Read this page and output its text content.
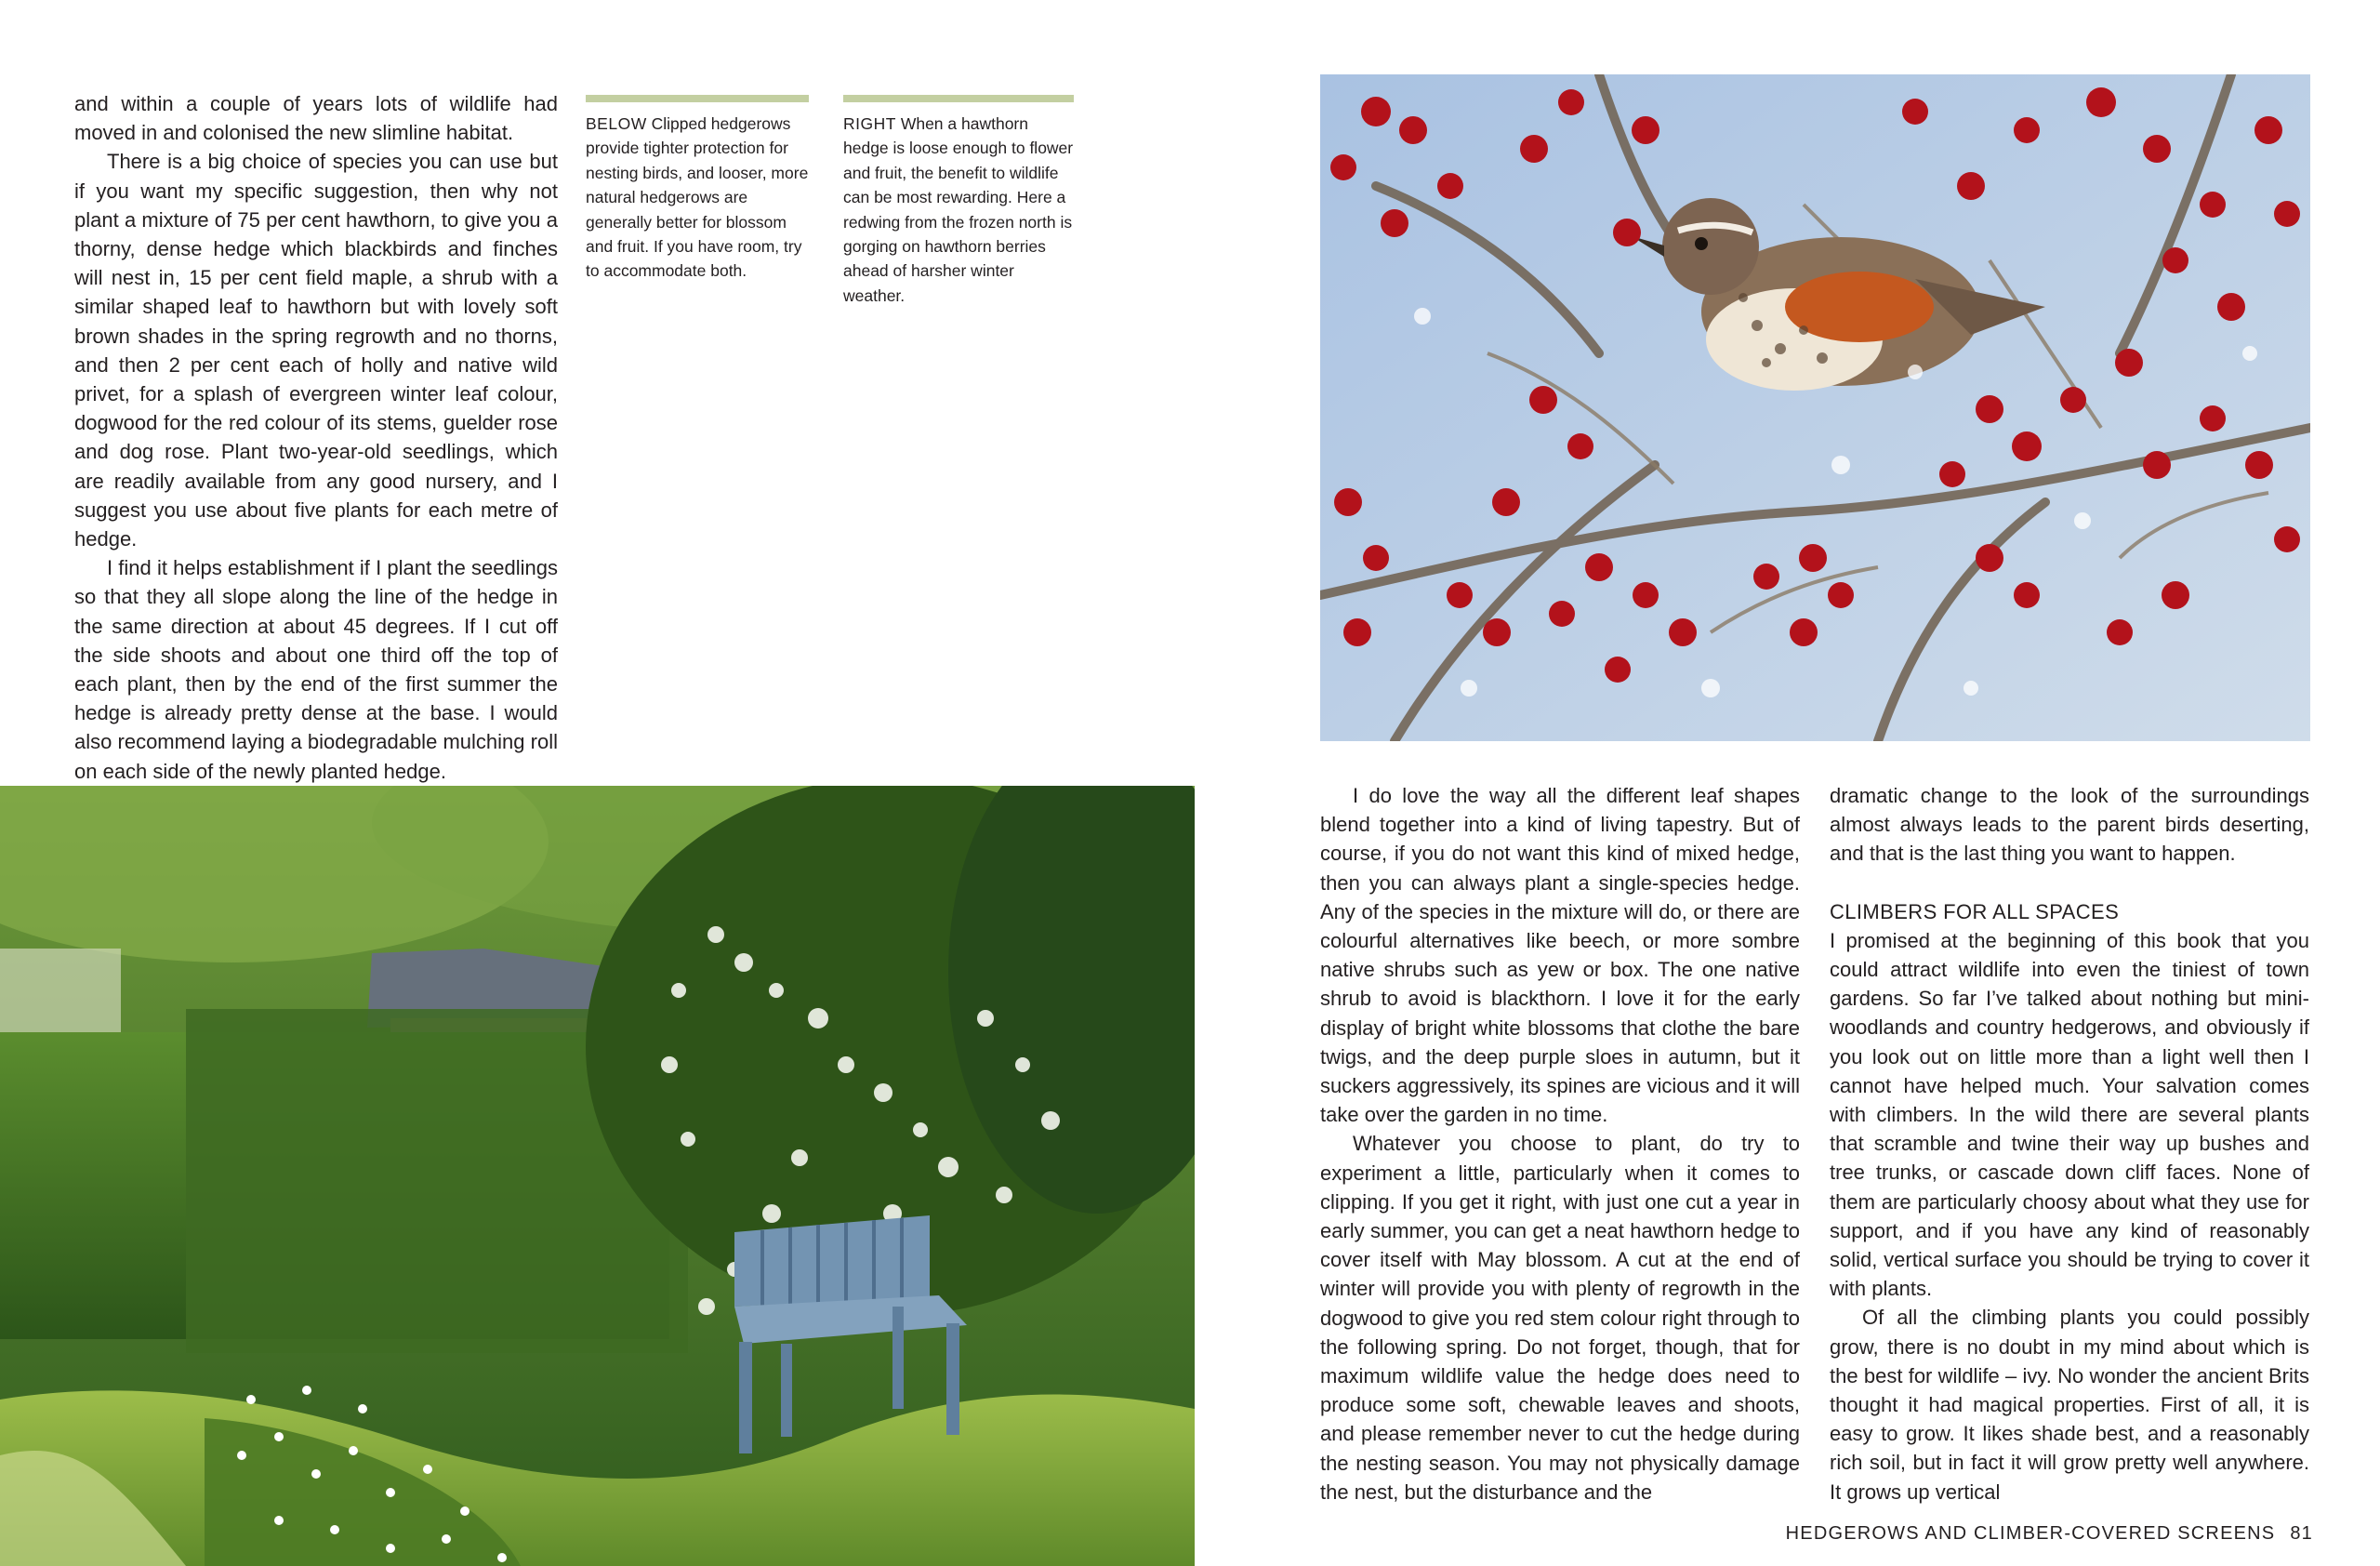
and within a couple of years lots of wildlife had moved in and colonised the new slimline habitat.

There is a big choice of species you can use but if you want my specific suggestion, then why not plant a mixture of 75 per cent hawthorn, to give you a thorny, dense hedge which blackbirds and finches will nest in, 15 per cent field maple, a shrub with a similar shaped leaf to hawthorn but with lovely soft brown shades in the spring regrowth and no thorns, and then 2 per cent each of holly and native wild privet, for a splash of evergreen winter leaf colour, dogwood for the red colour of its stems, guelder rose and dog rose. Plant two-year-old seedlings, which are readily available from any good nursery, and I suggest you use about five plants for each metre of hedge.

I find it helps establishment if I plant the seedlings so that they all slope along the line of the hedge in the same direction at about 45 degrees. If I cut off the side shoots and about one third off the top of each plant, then by the end of the first summer the hedge is already pretty dense at the base. I would also recommend laying a biodegradable mulching roll on each side of the newly planted hedge.

BELOW Clipped hedgerows provide tighter protection for nesting birds, and looser, more natural hedgerows are generally better for blossom and fruit. If you have room, try to accommodate both.
RIGHT When a hawthorn hedge is loose enough to flower and fruit, the benefit to wildlife can be most rewarding. Here a redwing from the frozen north is gorging on hawthorn berries ahead of harsher winter weather.

I do love the way all the different leaf shapes blend together into a kind of living tapestry. But of course, if you do not want this kind of mixed hedge, then you can always plant a single-species hedge. Any of the species in the mixture will do, or there are colourful alternatives like beech, or more sombre native shrubs such as yew or box. The one native shrub to avoid is blackthorn. I love it for the early display of bright white blossoms that clothe the bare twigs, and the deep purple sloes in autumn, but it suckers aggressively, its spines are vicious and it will take over the garden in no time.

Whatever you choose to plant, do try to experiment a little, particularly when it comes to clipping. If you get it right, with just one cut a year in early summer, you can get a neat hawthorn hedge to cover itself with May blossom. A cut at the end of winter will provide you with plenty of regrowth in the dogwood to give you red stem colour right through to the following spring. Do not forget, though, that for maximum wildlife value the hedge does need to produce some soft, chewable leaves and shoots, and please remember never to cut the hedge during the nesting season. You may not physically damage the nest, but the disturbance and the

dramatic change to the look of the surroundings almost always leads to the parent birds deserting, and that is the last thing you want to happen.

CLIMBERS FOR ALL SPACES

I promised at the beginning of this book that you could attract wildlife into even the tiniest of town gardens. So far I’ve talked about nothing but mini-woodlands and country hedgerows, and obviously if you look out on little more than a light well then I cannot have helped much. Your salvation comes with climbers. In the wild there are several plants that scramble and twine their way up bushes and tree trunks, or cascade down cliff faces. None of them are particularly choosy about what they use for support, and if you have any kind of reasonably solid, vertical surface you should be trying to cover it with plants.

Of all the climbing plants you could possibly grow, there is no doubt in my mind about which is the best for wildlife – ivy. No wonder the ancient Brits thought it had magical properties. First of all, it is easy to grow. It likes shade best, and a reasonably rich soil, but in fact it will grow pretty well anywhere. It grows up vertical

HEDGEROWS AND CLIMBER-COVERED SCREENS 81
